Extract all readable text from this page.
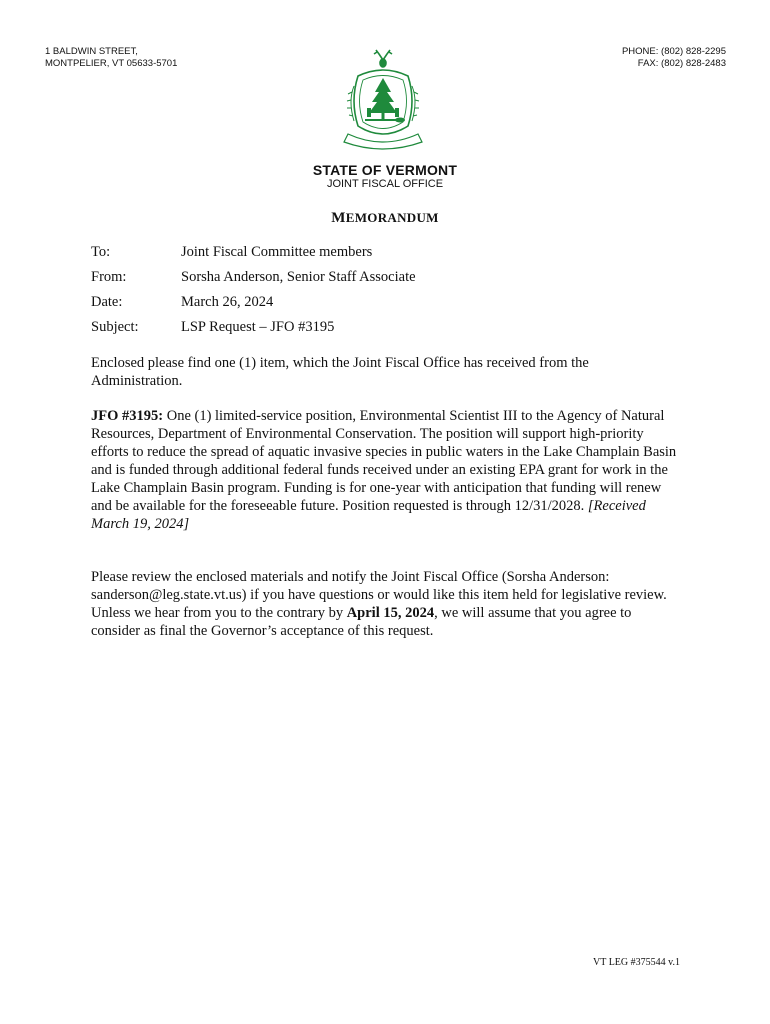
1 BALDWIN STREET,
MONTPELIER, VT 05633-5701
PHONE: (802) 828-2295
FAX: (802) 828-2483
STATE OF VERMONT
JOINT FISCAL OFFICE
MEMORANDUM
To:	Joint Fiscal Committee members
From:	Sorsha Anderson, Senior Staff Associate
Date:	March 26, 2024
Subject:	LSP Request – JFO #3195
Enclosed please find one (1) item, which the Joint Fiscal Office has received from the Administration.
JFO #3195: One (1) limited-service position, Environmental Scientist III to the Agency of Natural Resources, Department of Environmental Conservation. The position will support high-priority efforts to reduce the spread of aquatic invasive species in public waters in the Lake Champlain Basin and is funded through additional federal funds received under an existing EPA grant for work in the Lake Champlain Basin program. Funding is for one-year with anticipation that funding will renew and be available for the foreseeable future. Position requested is through 12/31/2028. [Received March 19, 2024]
Please review the enclosed materials and notify the Joint Fiscal Office (Sorsha Anderson: sanderson@leg.state.vt.us) if you have questions or would like this item held for legislative review. Unless we hear from you to the contrary by April 15, 2024, we will assume that you agree to consider as final the Governor’s acceptance of this request.
VT LEG #375544 v.1
